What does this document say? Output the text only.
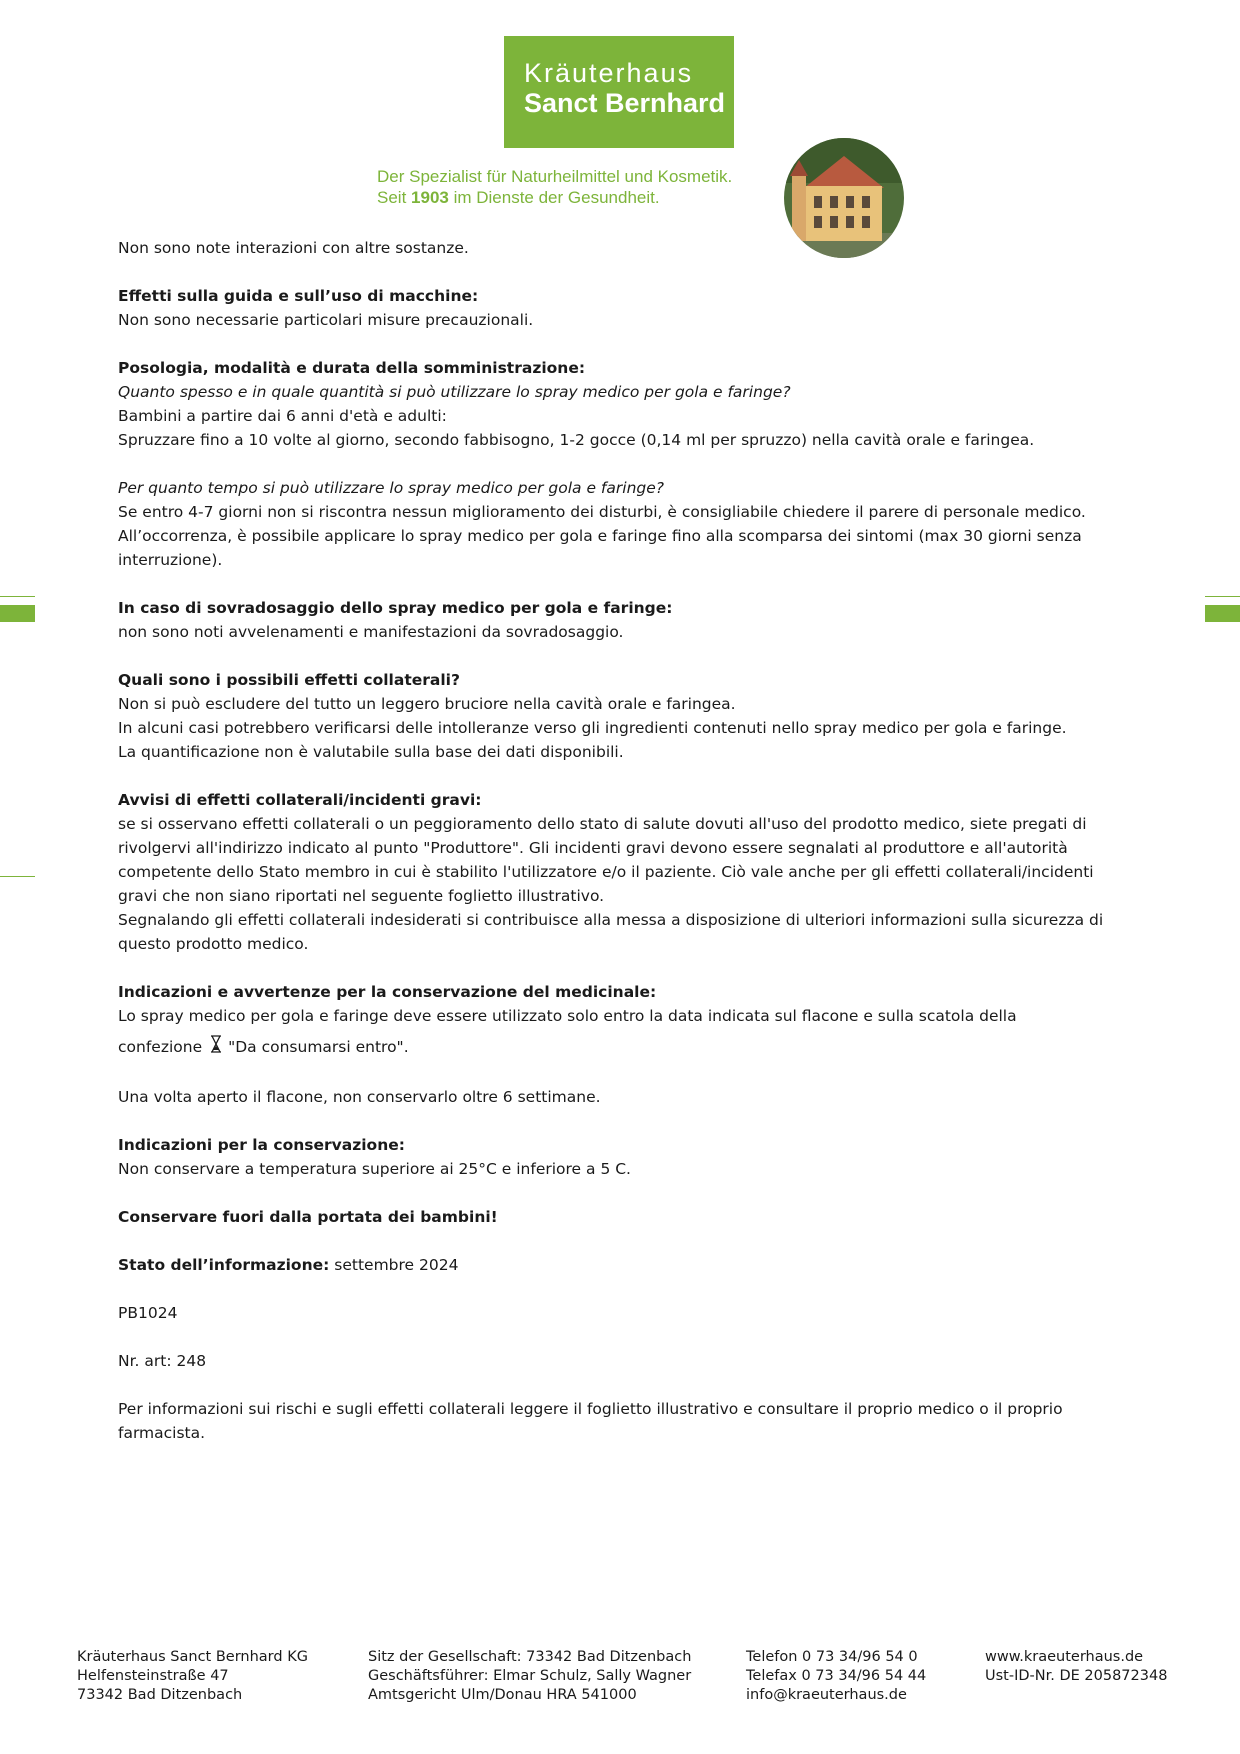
Kräuterhaus
Sanct Bernhard
Der Spezialist für Naturheilmittel und Kosmetik.
Seit 1903 im Dienste der Gesundheit.

Non sono note interazioni con altre sostanze.

Effetti sulla guida e sull’uso di macchine:
Non sono necessarie particolari misure precauzionali.

Posologia, modalità e durata della somministrazione:
Quanto spesso e in quale quantità si può utilizzare lo spray medico per gola e faringe?
Bambini a partire dai 6 anni d'età e adulti:
Spruzzare fino a 10 volte al giorno, secondo fabbisogno, 1-2 gocce (0,14 ml per spruzzo) nella cavità orale e faringea.

Per quanto tempo si può utilizzare lo spray medico per gola e faringe?
Se entro 4-7 giorni non si riscontra nessun miglioramento dei disturbi, è consigliabile chiedere il parere di personale medico.
All’occorrenza, è possibile applicare lo spray medico per gola e faringe fino alla scomparsa dei sintomi (max 30 giorni senza interruzione).

In caso di sovradosaggio dello spray medico per gola e faringe:
non sono noti avvelenamenti e manifestazioni da sovradosaggio.

Quali sono i possibili effetti collaterali?
Non si può escludere del tutto un leggero bruciore nella cavità orale e faringea.
In alcuni casi potrebbero verificarsi delle intolleranze verso gli ingredienti contenuti nello spray medico per gola e faringe.
La quantificazione non è valutabile sulla base dei dati disponibili.

Avvisi di effetti collaterali/incidenti gravi:
se si osservano effetti collaterali o un peggioramento dello stato di salute dovuti all'uso del prodotto medico, siete pregati di rivolgervi all'indirizzo indicato al punto "Produttore". Gli incidenti gravi devono essere segnalati al produttore e all'autorità competente dello Stato membro in cui è stabilito l'utilizzatore e/o il paziente. Ciò vale anche per gli effetti collaterali/incidenti gravi che non siano riportati nel seguente foglietto illustrativo.
Segnalando gli effetti collaterali indesiderati si contribuisce alla messa a disposizione di ulteriori informazioni sulla sicurezza di questo prodotto medico.

Indicazioni e avvertenze per la conservazione del medicinale:
Lo spray medico per gola e faringe deve essere utilizzato solo entro la data indicata sul flacone e sulla scatola della
confezione "Da consumarsi entro".

Una volta aperto il flacone, non conservarlo oltre 6 settimane.

Indicazioni per la conservazione:
Non conservare a temperatura superiore ai 25°C e inferiore a 5 C.

Conservare fuori dalla portata dei bambini!

Stato dell’informazione: settembre 2024

PB1024

Nr. art: 248

Per informazioni sui rischi e sugli effetti collaterali leggere il foglietto illustrativo e consultare il proprio medico o il proprio farmacista.

Kräuterhaus Sanct Bernhard KG
Helfensteinstraße 47
73342 Bad Ditzenbach
Sitz der Gesellschaft: 73342 Bad Ditzenbach
Geschäftsführer: Elmar Schulz, Sally Wagner
Amtsgericht Ulm/Donau HRA 541000
Telefon 0 73 34/96 54 0
Telefax 0 73 34/96 54 44
info@kraeuterhaus.de
www.kraeuterhaus.de
Ust-ID-Nr. DE 205872348
